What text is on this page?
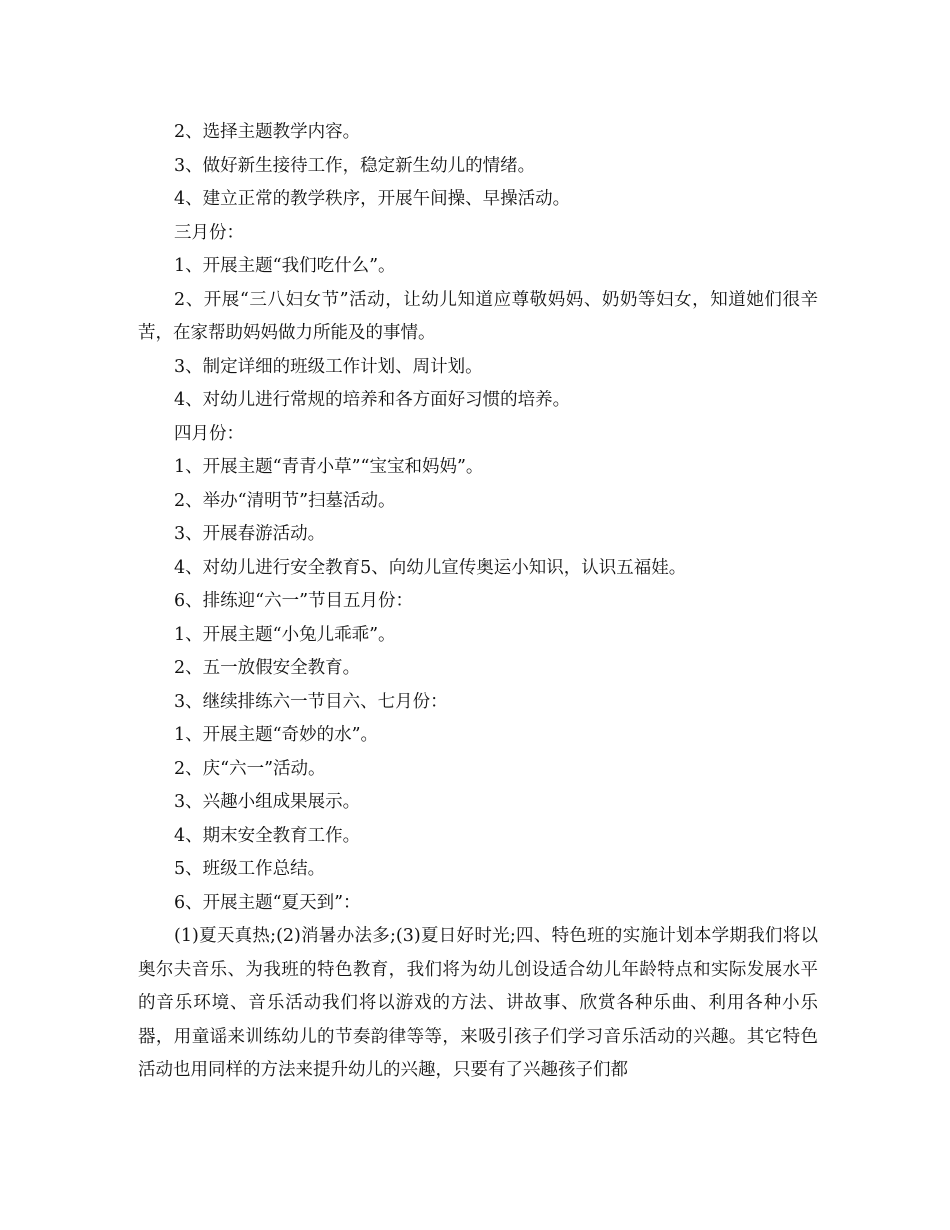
2、选择主题教学内容。
3、做好新生接待工作，稳定新生幼儿的情绪。
4、建立正常的教学秩序，开展午间操、早操活动。
三月份：
1、开展主题“我们吃什么”。

2、开展“三八妇女节”活动，让幼儿知道应尊敬妈妈、奶奶等妇女，知道她们很辛苦，在家帮助妈妈做力所能及的事情。

3、制定详细的班级工作计划、周计划。
4、对幼儿进行常规的培养和各方面好习惯的培养。
四月份：
1、开展主题“青青小草”“宝宝和妈妈”。
2、举办“清明节”扫墓活动。
3、开展春游活动。
4、对幼儿进行安全教育5、向幼儿宣传奥运小知识，认识五福娃。
6、排练迎“六一”节目五月份：
1、开展主题“小兔儿乖乖”。
2、五一放假安全教育。
3、继续排练六一节目六、七月份：
1、开展主题“奇妙的水”。
2、庆“六一”活动。
3、兴趣小组成果展示。
4、期末安全教育工作。
5、班级工作总结。
6、开展主题“夏天到”：

(1)夏天真热;(2)消暑办法多;(3)夏日好时光;四、特色班的实施计划本学期我们将以奥尔夫音乐、为我班的特色教育，我们将为幼儿创设适合幼儿年龄特点和实际发展水平的音乐环境、音乐活动我们将以游戏的方法、讲故事、欣赏各种乐曲、利用各种小乐器，用童谣来训练幼儿的节奏韵律等等，来吸引孩子们学习音乐活动的兴趣。其它特色活动也用同样的方法来提升幼儿的兴趣，只要有了兴趣孩子们都
